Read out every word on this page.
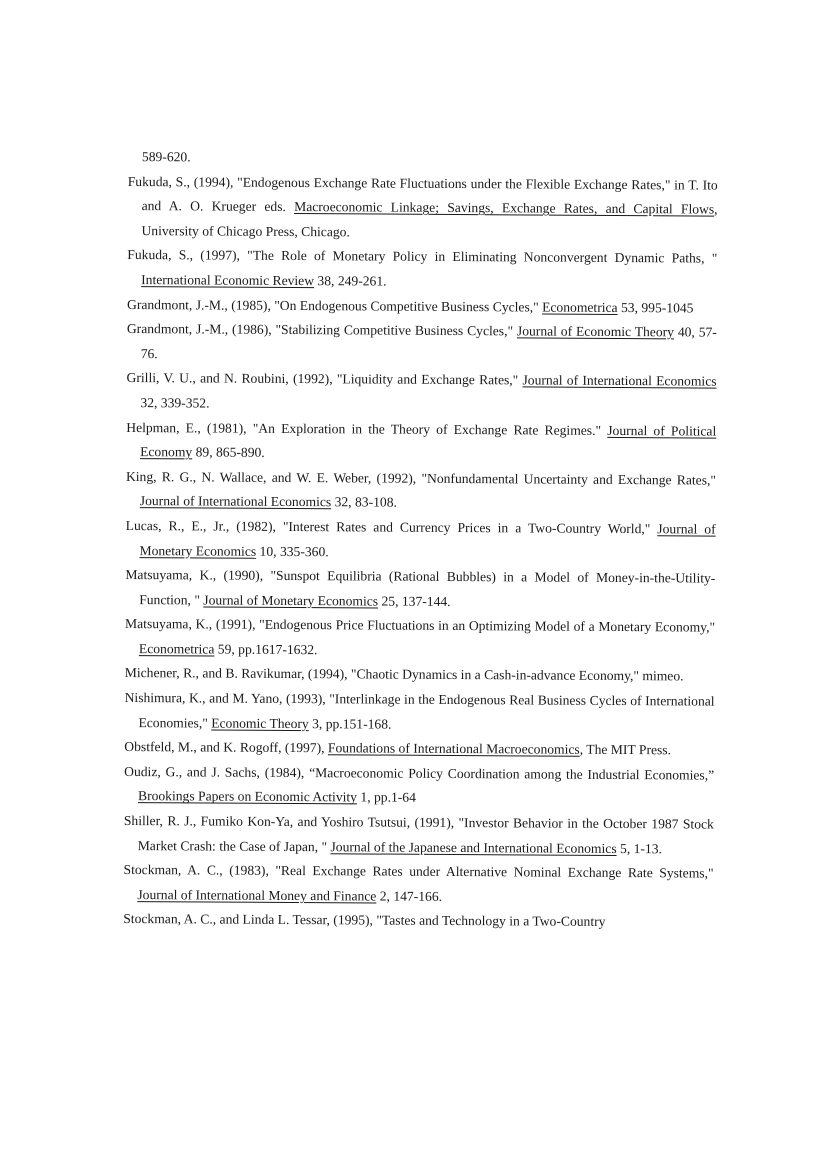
589-620.

Fukuda, S., (1994), "Endogenous Exchange Rate Fluctuations under the Flexible Exchange Rates," in T. Ito and A. O. Krueger eds. Macroeconomic Linkage; Savings, Exchange Rates, and Capital Flows, University of Chicago Press, Chicago.

Fukuda, S., (1997), "The Role of Monetary Policy in Eliminating Nonconvergent Dynamic Paths, " International Economic Review 38, 249-261.

Grandmont, J.-M., (1985), "On Endogenous Competitive Business Cycles," Econometrica 53, 995-1045

Grandmont, J.-M., (1986), "Stabilizing Competitive Business Cycles," Journal of Economic Theory 40, 57-76.

Grilli, V. U., and N. Roubini, (1992), "Liquidity and Exchange Rates," Journal of International Economics 32, 339-352.

Helpman, E., (1981), "An Exploration in the Theory of Exchange Rate Regimes." Journal of Political Economy 89, 865-890.

King, R. G., N. Wallace, and W. E. Weber, (1992), "Nonfundamental Uncertainty and Exchange Rates," Journal of International Economics 32, 83-108.

Lucas, R., E., Jr., (1982), "Interest Rates and Currency Prices in a Two-Country World," Journal of Monetary Economics 10, 335-360.

Matsuyama, K., (1990), "Sunspot Equilibria (Rational Bubbles) in a Model of Money-in-the-Utility-Function, " Journal of Monetary Economics 25, 137-144.

Matsuyama, K., (1991), "Endogenous Price Fluctuations in an Optimizing Model of a Monetary Economy," Econometrica 59, pp.1617-1632.

Michener, R., and B. Ravikumar, (1994), "Chaotic Dynamics in a Cash-in-advance Economy," mimeo.

Nishimura, K., and M. Yano, (1993), "Interlinkage in the Endogenous Real Business Cycles of International Economies," Economic Theory 3, pp.151-168.

Obstfeld, M., and K. Rogoff, (1997), Foundations of International Macroeconomics, The MIT Press.

Oudiz, G., and J. Sachs, (1984), “Macroeconomic Policy Coordination among the Industrial Economies,” Brookings Papers on Economic Activity 1, pp.1-64

Shiller, R. J., Fumiko Kon-Ya, and Yoshiro Tsutsui, (1991), "Investor Behavior in the October 1987 Stock Market Crash: the Case of Japan, " Journal of the Japanese and International Economics 5, 1-13.

Stockman, A. C., (1983), "Real Exchange Rates under Alternative Nominal Exchange Rate Systems," Journal of International Money and Finance 2, 147-166.

Stockman, A. C., and Linda L. Tessar, (1995), "Tastes and Technology in a Two-Country
